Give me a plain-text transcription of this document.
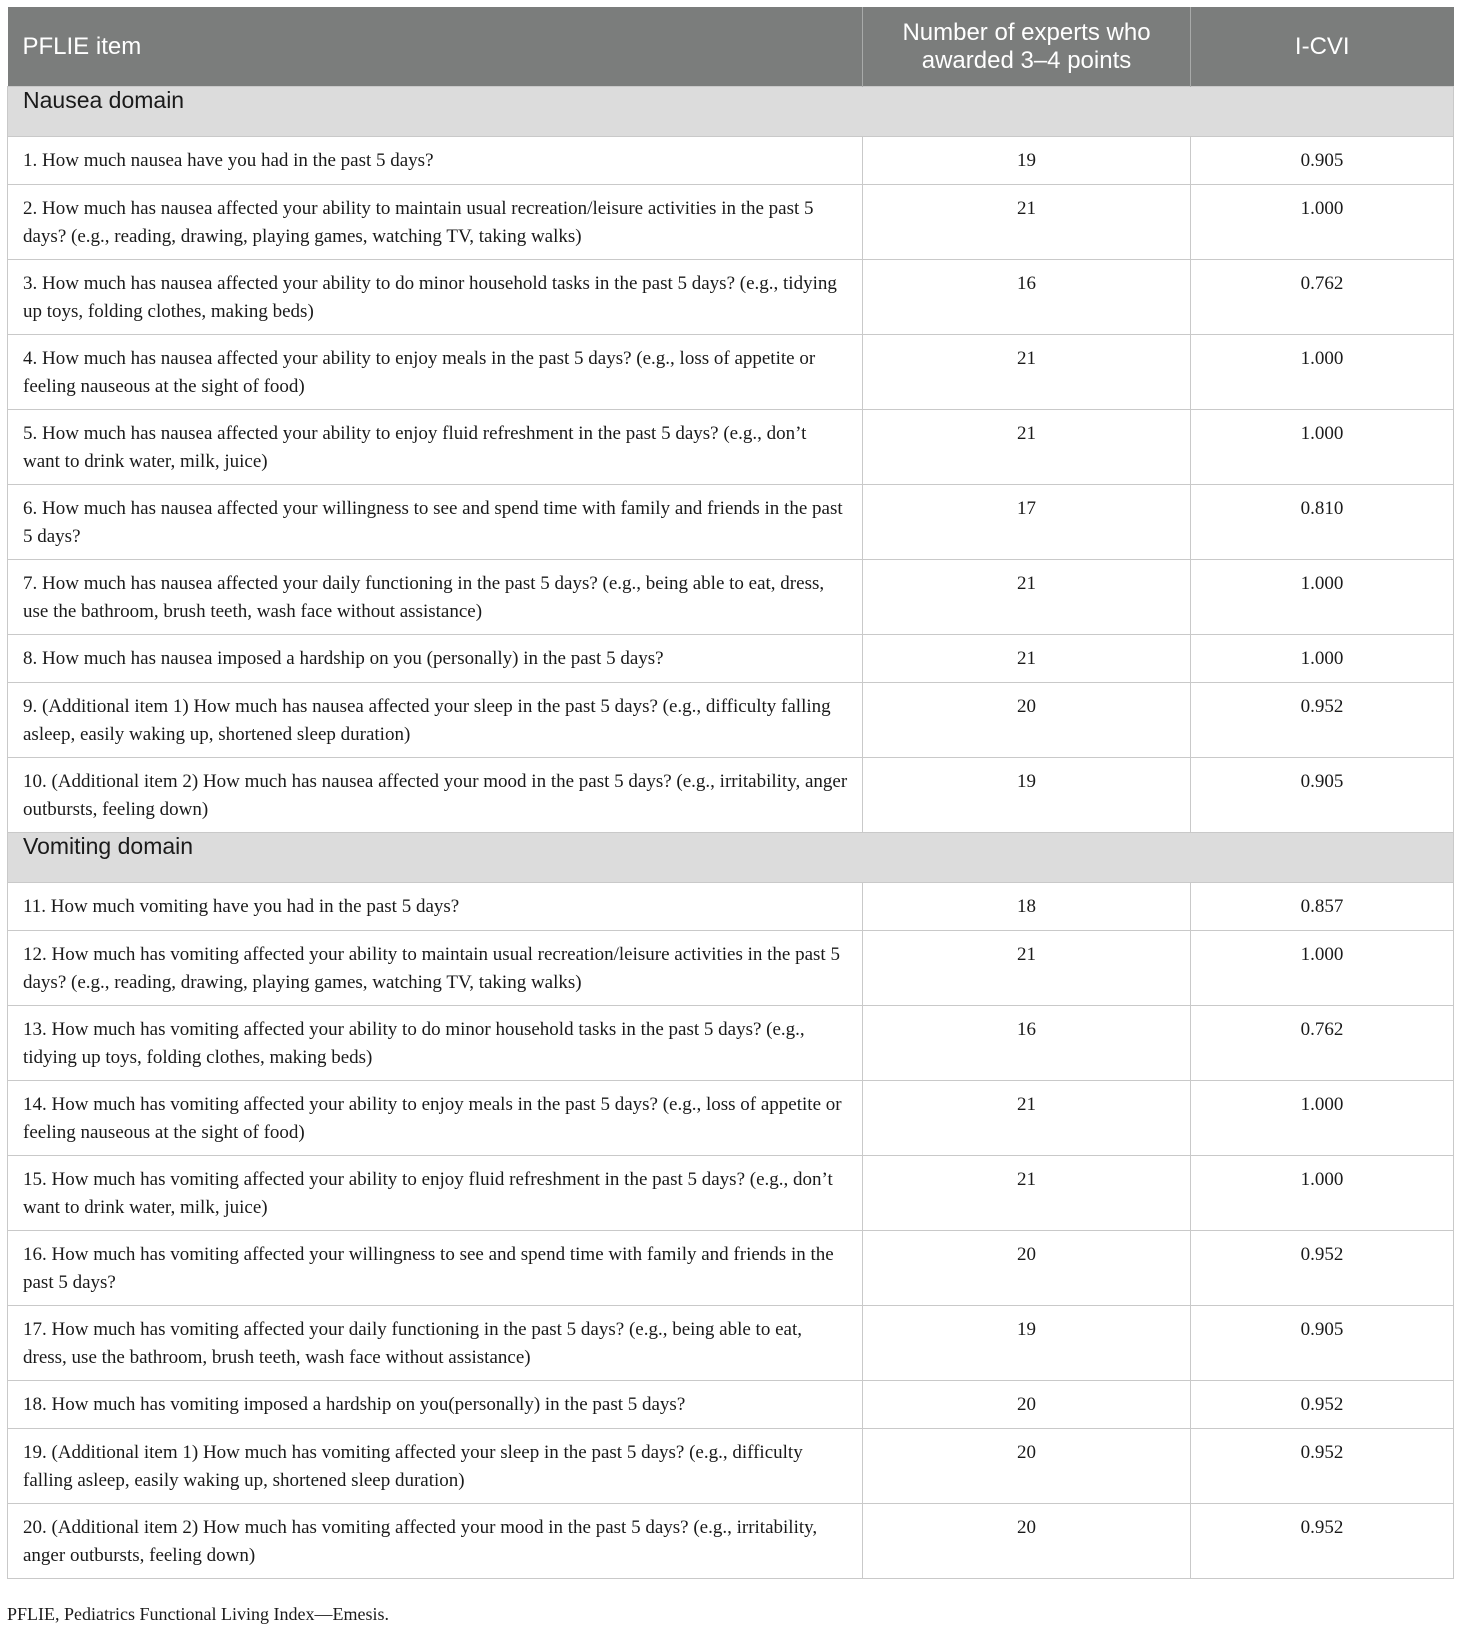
PFLIE item	Number of experts who awarded 3–4 points	I-CVI
Nausea domain		
1. How much nausea have you had in the past 5 days?	19	0.905
2. How much has nausea affected your ability to maintain usual recreation/leisure activities in the past 5 days? (e.g., reading, drawing, playing games, watching TV, taking walks)	21	1.000
3. How much has nausea affected your ability to do minor household tasks in the past 5 days? (e.g., tidying up toys, folding clothes, making beds)	16	0.762
4. How much has nausea affected your ability to enjoy meals in the past 5 days? (e.g., loss of appetite or feeling nauseous at the sight of food)	21	1.000
5. How much has nausea affected your ability to enjoy fluid refreshment in the past 5 days? (e.g., don’t want to drink water, milk, juice)	21	1.000
6. How much has nausea affected your willingness to see and spend time with family and friends in the past 5 days?	17	0.810
7. How much has nausea affected your daily functioning in the past 5 days? (e.g., being able to eat, dress, use the bathroom, brush teeth, wash face without assistance)	21	1.000
8. How much has nausea imposed a hardship on you (personally) in the past 5 days?	21	1.000
9. (Additional item 1) How much has nausea affected your sleep in the past 5 days? (e.g., difficulty falling asleep, easily waking up, shortened sleep duration)	20	0.952
10. (Additional item 2) How much has nausea affected your mood in the past 5 days? (e.g., irritability, anger outbursts, feeling down)	19	0.905
Vomiting domain		
11. How much vomiting have you had in the past 5 days?	18	0.857
12. How much has vomiting affected your ability to maintain usual recreation/leisure activities in the past 5 days? (e.g., reading, drawing, playing games, watching TV, taking walks)	21	1.000
13. How much has vomiting affected your ability to do minor household tasks in the past 5 days? (e.g., tidying up toys, folding clothes, making beds)	16	0.762
14. How much has vomiting affected your ability to enjoy meals in the past 5 days? (e.g., loss of appetite or feeling nauseous at the sight of food)	21	1.000
15. How much has vomiting affected your ability to enjoy fluid refreshment in the past 5 days? (e.g., don’t want to drink water, milk, juice)	21	1.000
16. How much has vomiting affected your willingness to see and spend time with family and friends in the past 5 days?	20	0.952
17. How much has vomiting affected your daily functioning in the past 5 days? (e.g., being able to eat, dress, use the bathroom, brush teeth, wash face without assistance)	19	0.905
18. How much has vomiting imposed a hardship on you(personally) in the past 5 days?	20	0.952
19. (Additional item 1) How much has vomiting affected your sleep in the past 5 days? (e.g., difficulty falling asleep, easily waking up, shortened sleep duration)	20	0.952
20. (Additional item 2) How much has vomiting affected your mood in the past 5 days? (e.g., irritability, anger outbursts, feeling down)	20	0.952
PFLIE, Pediatrics Functional Living Index—Emesis.
